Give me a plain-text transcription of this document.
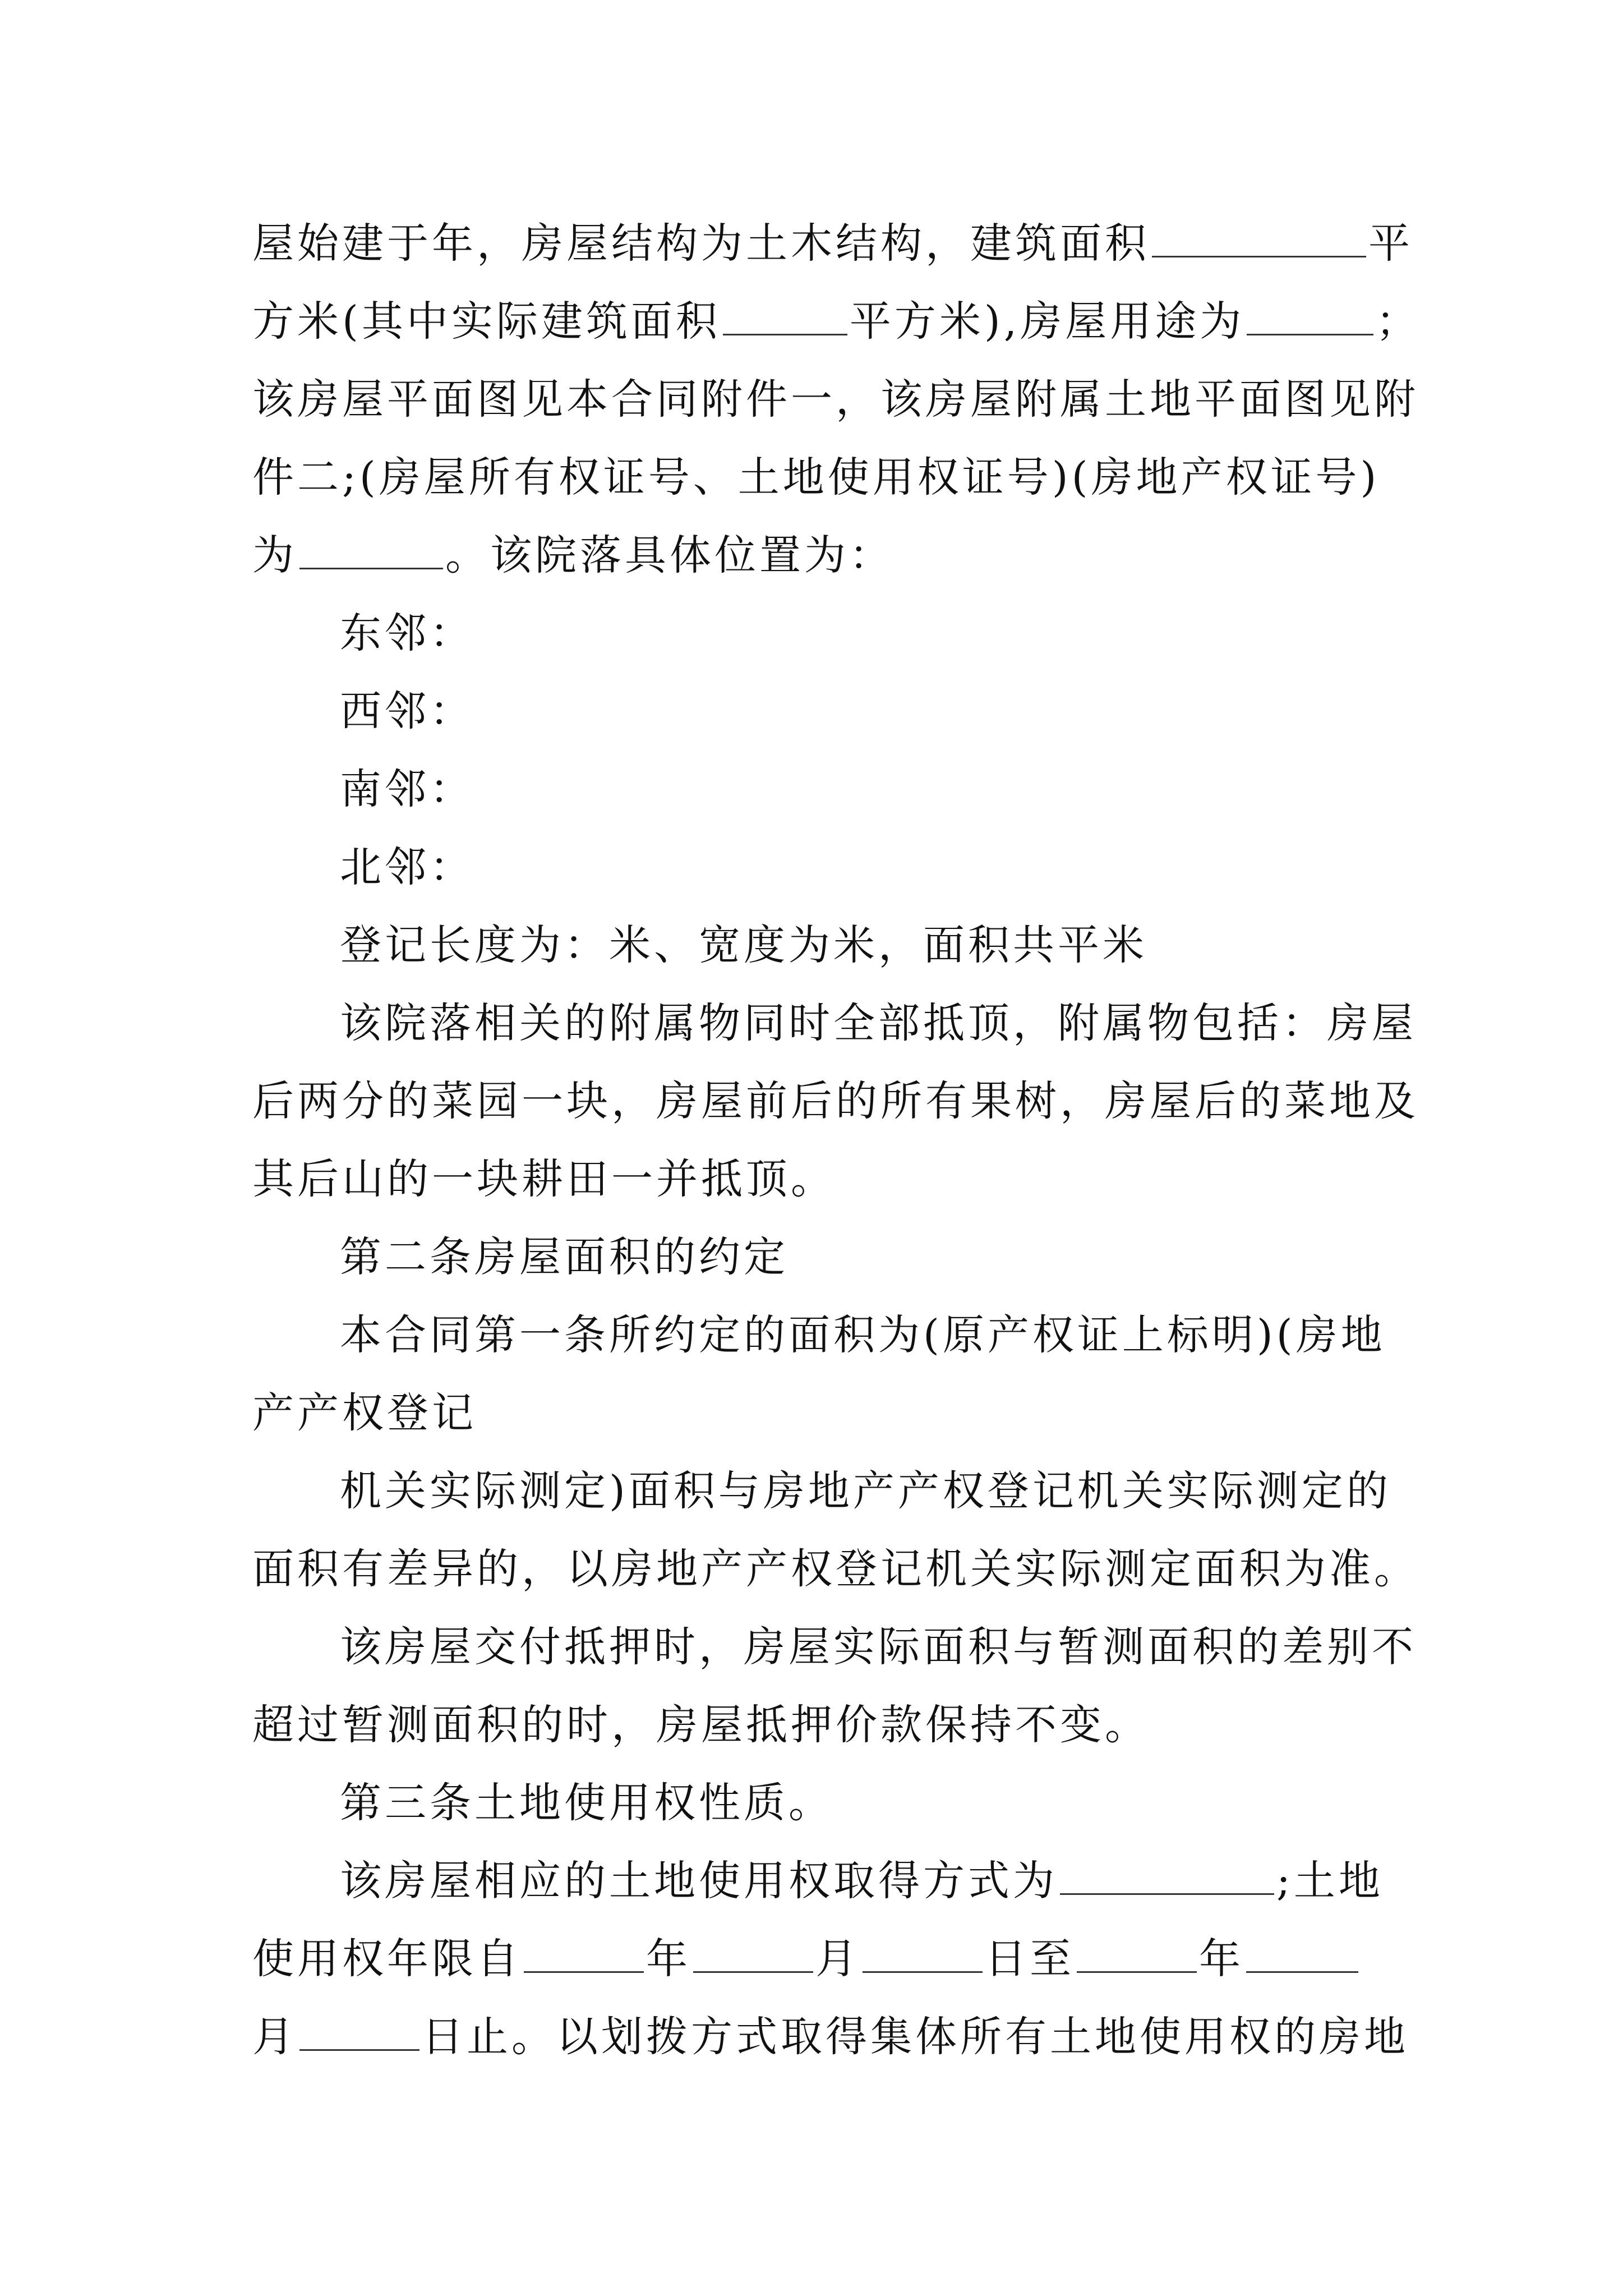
屋始建于年，房屋结构为土木结构，建筑面积	平
方米(其中实际建筑面积	平方米),房屋用途为	；
该房屋平面图见本合同附件一，该房屋附属土地平面图见附
件二;(房屋所有权证号、土地使用权证号)(房地产权证号)
为	。该院落具体位置为：
东邻：
西邻：
南邻：
北邻：
登记长度为：米、宽度为米，面积共平米
该院落相关的附属物同时全部抵顶，附属物包括：房屋
后两分的菜园一块，房屋前后的所有果树，房屋后的菜地及
其后山的一块耕田一并抵顶。
第二条房屋面积的约定
本合同第一条所约定的面积为(原产权证上标明)(房地
产产权登记
机关实际测定)面积与房地产产权登记机关实际测定的
面积有差异的，以房地产产权登记机关实际测定面积为准。
该房屋交付抵押时，房屋实际面积与暂测面积的差别不
超过暂测面积的时，房屋抵押价款保持不变。
第三条土地使用权性质。
该房屋相应的土地使用权取得方式为	;土地
使用权年限自	年	月	日至	年
月	日止。以划拨方式取得集体所有土地使用权的房地
